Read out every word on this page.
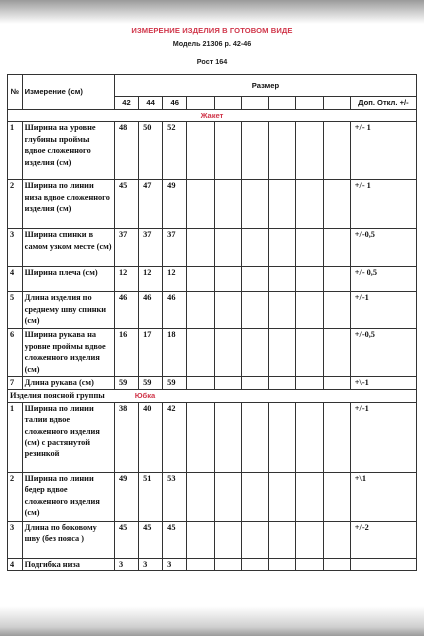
ИЗМЕРЕНИЕ ИЗДЕЛИЯ В ГОТОВОМ ВИДЕ
Модель 21306 р. 42-46
Рост 164
№	Измерение (см)	Размер									
		42	44	46							Доп. Откл. +/-
Жакет											
1	Ширина на уровне глубины проймы вдвое сложенного изделия (см)	48	50	52							+/- 1
2	Ширина по линии низа вдвое сложенного изделия (см)	45	47	49							+/- 1
3	Ширина спинки в самом узком месте (см)	37	37	37							+/-0,5
4	Ширина плеча (см)	12	12	12							+/- 0,5
5	Длина изделия по среднему шву спинки (см)	46	46	46							+/-1
6	Ширина рукава на уровне проймы вдвое сложенного изделия (см)	16	17	18							+/-0,5
7	Длина рукава (см)	59	59	59							+\-1
Изделия поясной группы Юбка											
1	Ширина по линии талии вдвое сложенного изделия (см) с растянутой резинкой	38	40	42							+/-1
2	Ширина по линии бедер вдвое сложенного изделия (см)	49	51	53							+\1
3	Длина по боковому шву (без пояса )	45	45	45							+/-2
4	Подгибка низа	3	3	3							
